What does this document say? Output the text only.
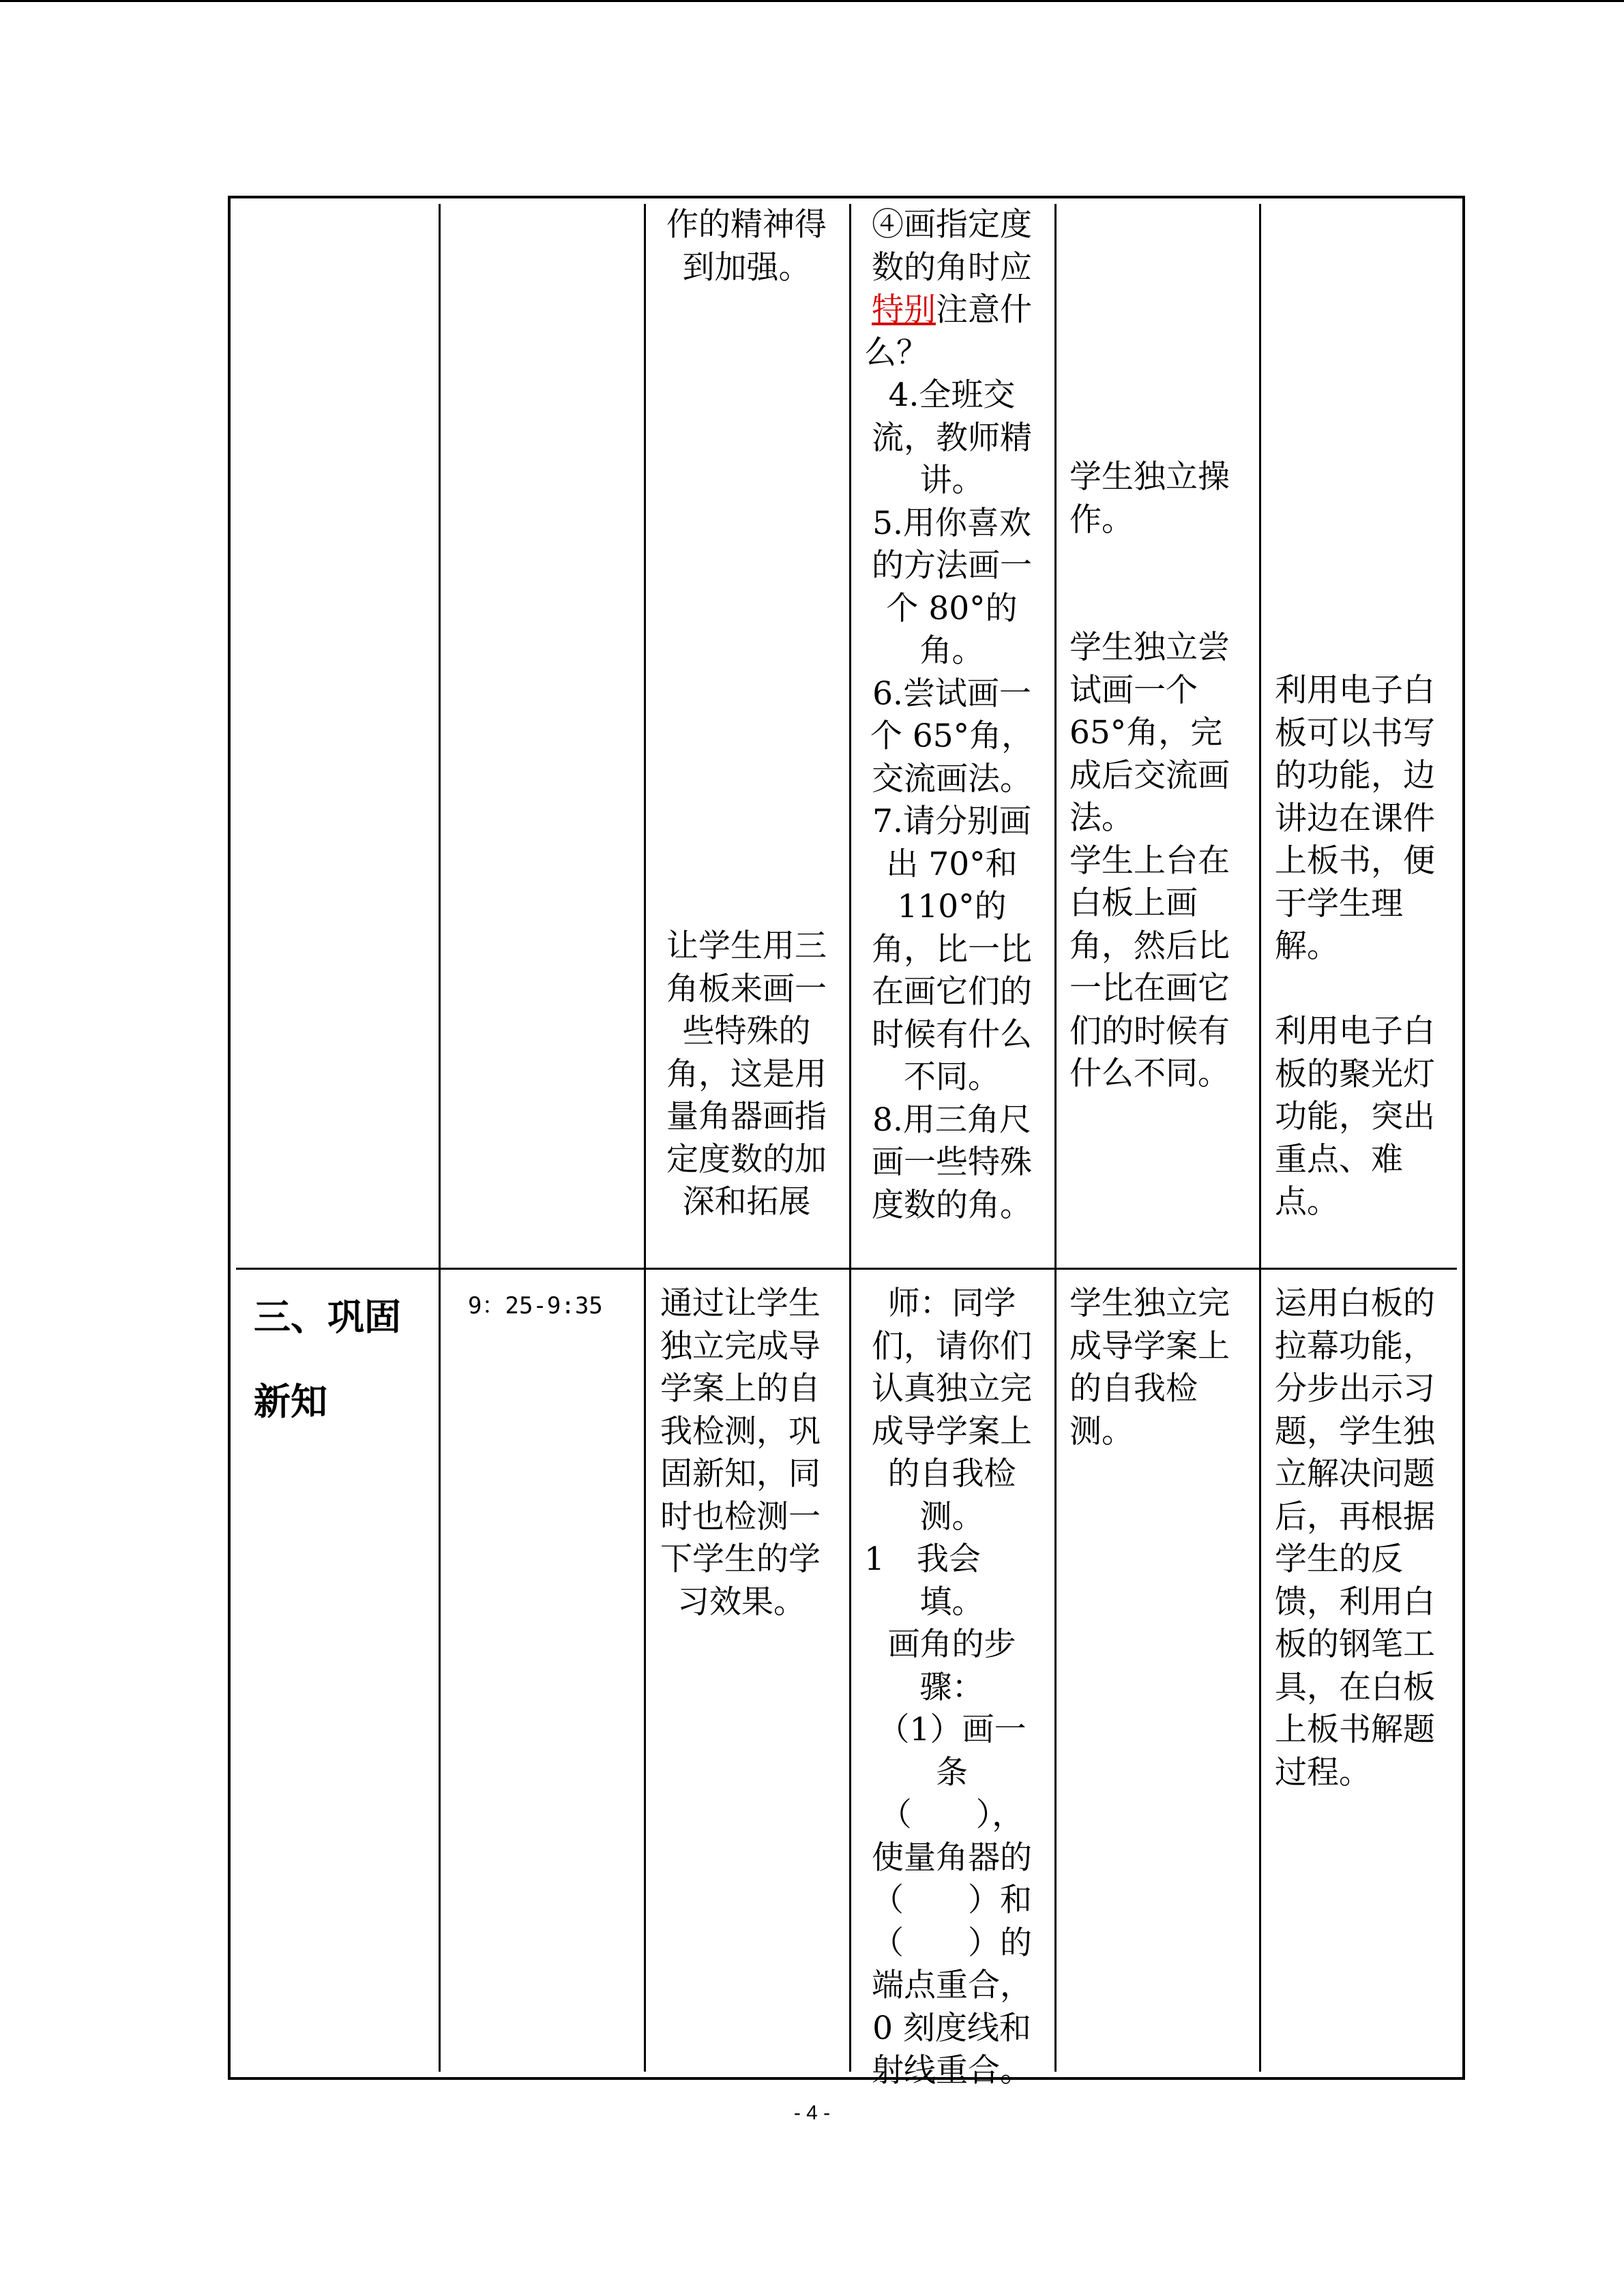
作的精神得
到加强。
让学生用三
角板来画一
些特殊的
角，这是用
量角器画指
定度数的加
深和拓展
④画指定度
数的角时应
特别注意什
么？
4.全班交
流，教师精
讲。
5.用你喜欢
的方法画一
个 80°的
角。
6.尝试画一
个 65°角，
交流画法。
7.请分别画
出 70°和
110°的
角，比一比
在画它们的
时候有什么
不同。
8.用三角尺
画一些特殊
度数的角。
学生独立操
作。

学生独立尝
试画一个
65°角，完
成后交流画
法。
学生上台在
白板上画
角，然后比
一比在画它
们的时候有
什么不同。
利用电子白
板可以书写
的功能，边
讲边在课件
上板书，便
于学生理
解。

利用电子白
板的聚光灯
功能，突出
重点、难
点。
三、巩固
新知
9：25-9:35 通过让学生
独立完成导
学案上的自
我检测，巩
固新知，同
时也检测一
下学生的学
习效果。
师：同学
们，请你们
认真独立完
成导学案上
的自我检
测。
1　我会
填。
画角的步
骤：
（1）画一
条
（　　），
使量角器的
（　　）和
（　　）的
端点重合，
0 刻度线和
射线重合。
学生独立完
成导学案上
的自我检
测。
运用白板的
拉幕功能，
分步出示习
题，学生独
立解决问题
后，再根据
学生的反
馈，利用白
板的钢笔工
具，在白板
上板书解题
过程。
- 4 -
